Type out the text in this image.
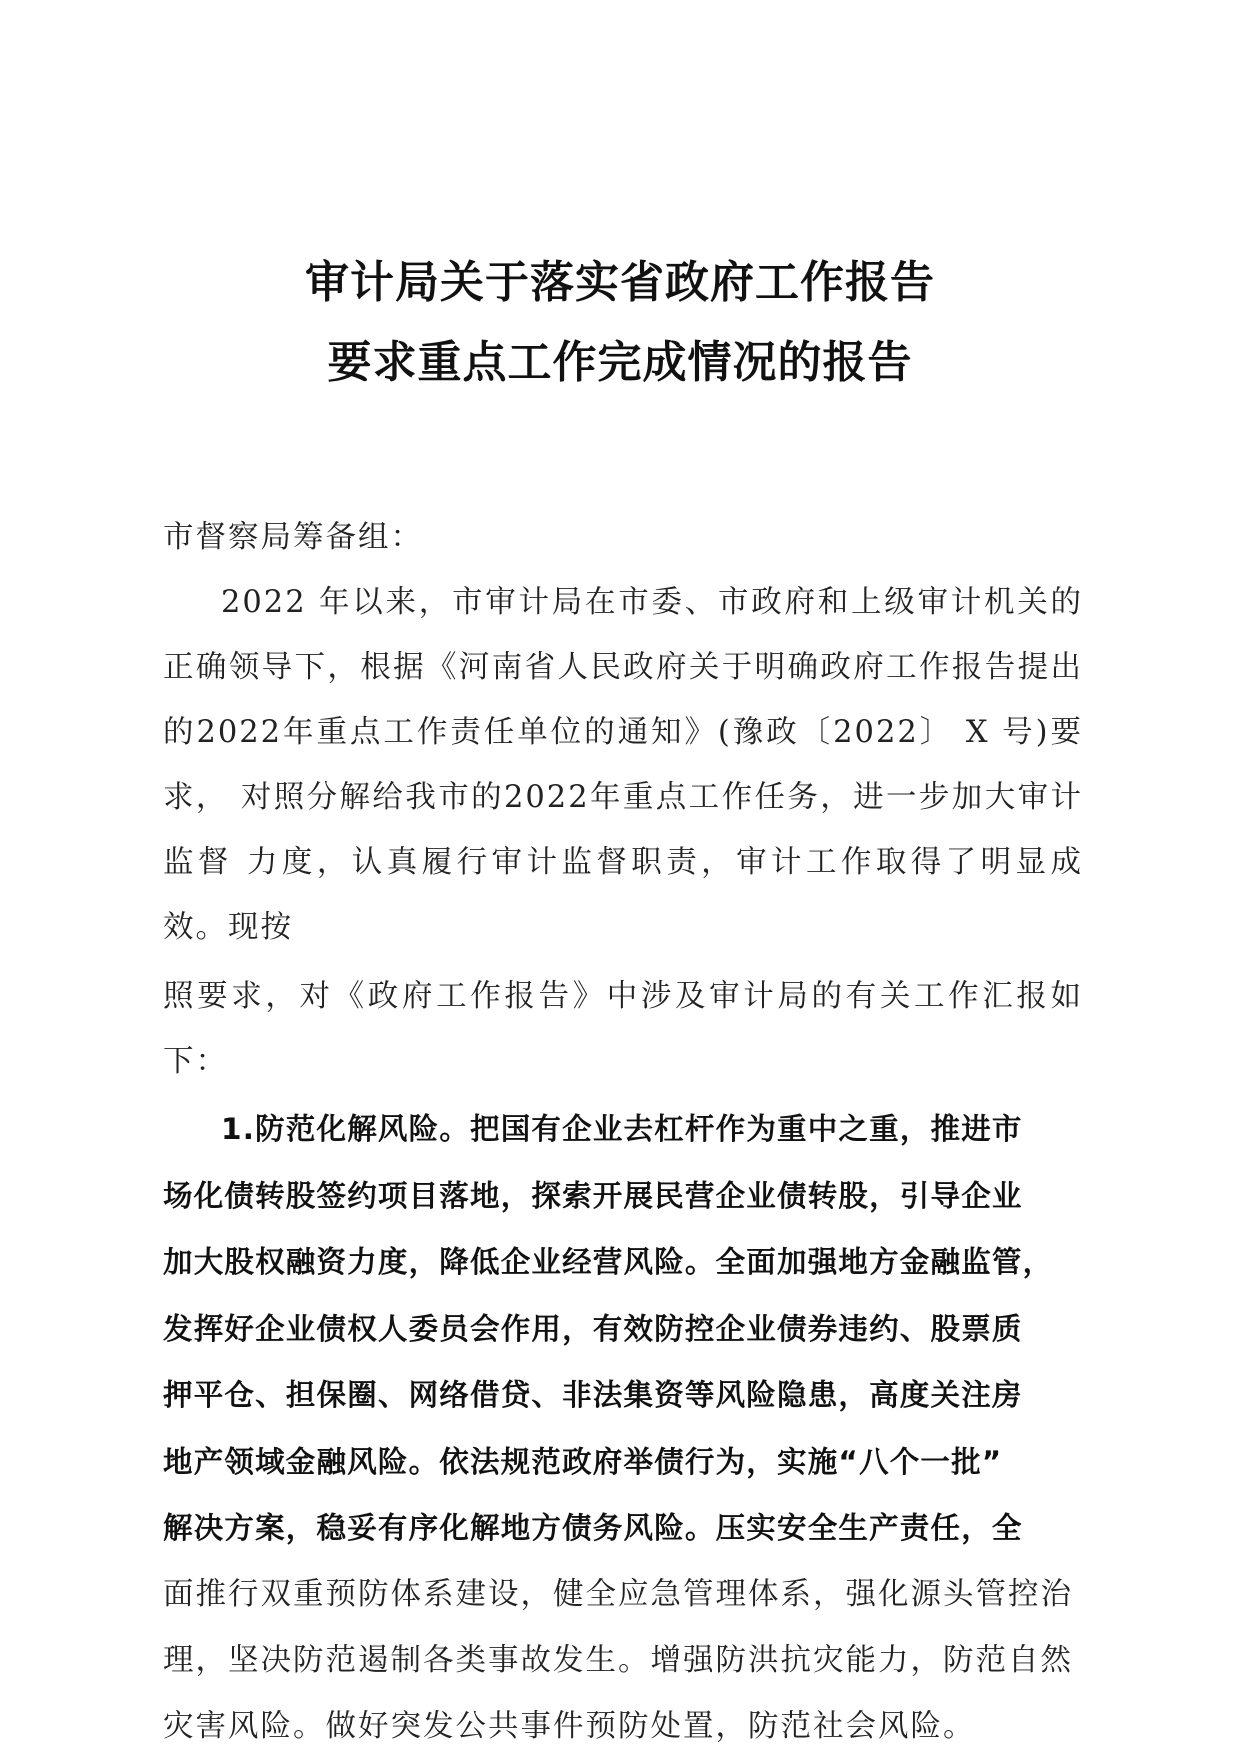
审计局关于落实省政府工作报告
要求重点工作完成情况的报告

市督察局筹备组：

2022 年以来，市审计局在市委、市政府和上级审计机关的正确领导下，根据《河南省人民政府关于明确政府工作报告提出的2022年重点工作责任单位的通知》(豫政〔2022〕 X 号)要求， 对照分解给我市的2022年重点工作任务，进一步加大审计监督 力度，认真履行审计监督职责，审计工作取得了明显成效。现按

照要求，对《政府工作报告》中涉及审计局的有关工作汇报如下：

1.防范化解风险。把国有企业去杠杆作为重中之重，推进市

场化债转股签约项目落地，探索开展民营企业债转股，引导企业

加大股权融资力度，降低企业经营风险。全面加强地方金融监管，

发挥好企业债权人委员会作用，有效防控企业债券违约、股票质

押平仓、担保圈、网络借贷、非法集资等风险隐患，高度关注房

地产领域金融风险。依法规范政府举债行为，实施“八个一批”

解决方案，稳妥有序化解地方债务风险。压实安全生产责任，全

面推行双重预防体系建设，健全应急管理体系，强化源头管控治

理，坚决防范遏制各类事故发生。增强防洪抗灾能力，防范自然

灾害风险。做好突发公共事件预防处置，防范社会风险。
